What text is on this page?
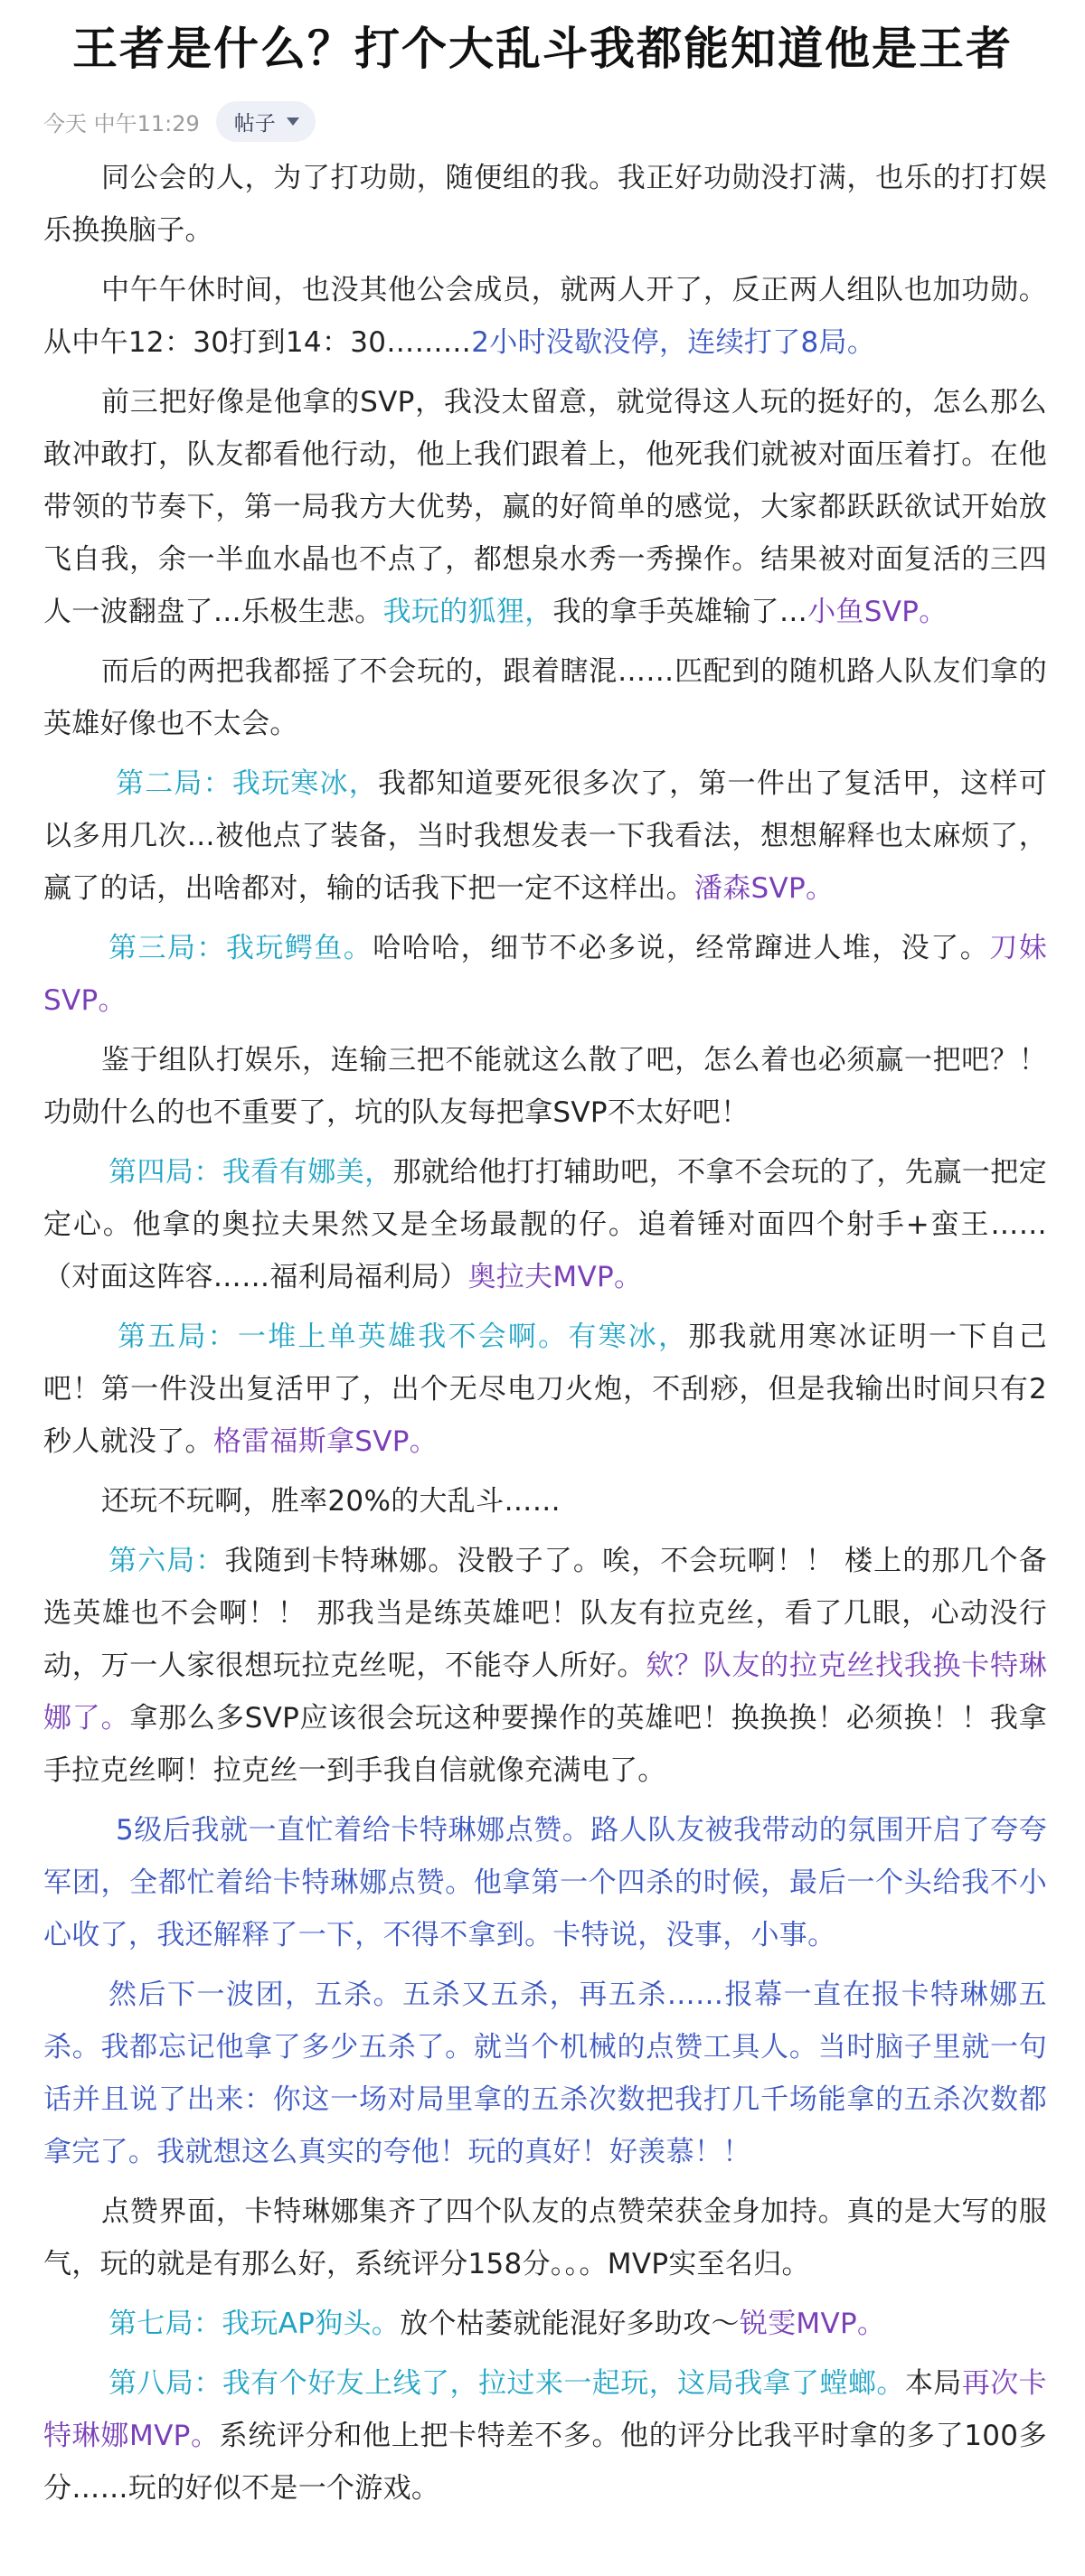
王者是什么？打个大乱斗我都能知道他是王者
今天 中午11:29 帖子

同公会的人，为了打功勋，随便组的我。我正好功勋没打满，也乐的打打娱乐换换脑子。

中午午休时间，也没其他公会成员，就两人开了，反正两人组队也加功勋。从中午12：30打到14：30………2小时没歇没停，连续打了8局。

前三把好像是他拿的SVP，我没太留意，就觉得这人玩的挺好的，怎么那么敢冲敢打，队友都看他行动，他上我们跟着上，他死我们就被对面压着打。在他带领的节奏下，第一局我方大优势，赢的好简单的感觉，大家都跃跃欲试开始放飞自我，余一半血水晶也不点了，都想泉水秀一秀操作。结果被对面复活的三四人一波翻盘了…乐极生悲。我玩的狐狸，我的拿手英雄输了…小鱼SVP。

而后的两把我都摇了不会玩的，跟着瞎混……匹配到的随机路人队友们拿的英雄好像也不太会。

第二局：我玩寒冰，我都知道要死很多次了，第一件出了复活甲，这样可以多用几次…被他点了装备，当时我想发表一下我看法，想想解释也太麻烦了，赢了的话，出啥都对，输的话我下把一定不这样出。潘森SVP。

第三局：我玩鳄鱼。哈哈哈，细节不必多说，经常蹿进人堆，没了。刀妹SVP。

鉴于组队打娱乐，连输三把不能就这么散了吧，怎么着也必须赢一把吧？！ 功勋什么的也不重要了，坑的队友每把拿SVP不太好吧！

第四局：我看有娜美，那就给他打打辅助吧，不拿不会玩的了，先赢一把定定心。他拿的奥拉夫果然又是全场最靓的仔。追着锤对面四个射手+蛮王……（对面这阵容……福利局福利局）奥拉夫MVP。

第五局：一堆上单英雄我不会啊。有寒冰，那我就用寒冰证明一下自己吧！第一件没出复活甲了，出个无尽电刀火炮，不刮痧，但是我输出时间只有2秒人就没了。格雷福斯拿SVP。

还玩不玩啊，胜率20%的大乱斗……

第六局：我随到卡特琳娜。没骰子了。唉，不会玩啊！！ 楼上的那几个备选英雄也不会啊！！ 那我当是练英雄吧！队友有拉克丝，看了几眼，心动没行动，万一人家很想玩拉克丝呢，不能夺人所好。欸？队友的拉克丝找我换卡特琳娜了。拿那么多SVP应该很会玩这种要操作的英雄吧！换换换！必须换！！我拿手拉克丝啊！拉克丝一到手我自信就像充满电了。

5级后我就一直忙着给卡特琳娜点赞。路人队友被我带动的氛围开启了夸夸军团，全都忙着给卡特琳娜点赞。他拿第一个四杀的时候，最后一个头给我不小心收了，我还解释了一下，不得不拿到。卡特说，没事，小事。

然后下一波团，五杀。五杀又五杀，再五杀……报幕一直在报卡特琳娜五杀。我都忘记他拿了多少五杀了。就当个机械的点赞工具人。当时脑子里就一句话并且说了出来：你这一场对局里拿的五杀次数把我打几千场能拿的五杀次数都拿完了。我就想这么真实的夸他！玩的真好！好羡慕！！

点赞界面，卡特琳娜集齐了四个队友的点赞荣获金身加持。真的是大写的服气，玩的就是有那么好，系统评分158分。。。MVP实至名归。

第七局：我玩AP狗头。放个枯萎就能混好多助攻～锐雯MVP。

第八局：我有个好友上线了，拉过来一起玩，这局我拿了螳螂。本局再次卡特琳娜MVP。系统评分和他上把卡特差不多。他的评分比我平时拿的多了100多分……玩的好似不是一个游戏。
